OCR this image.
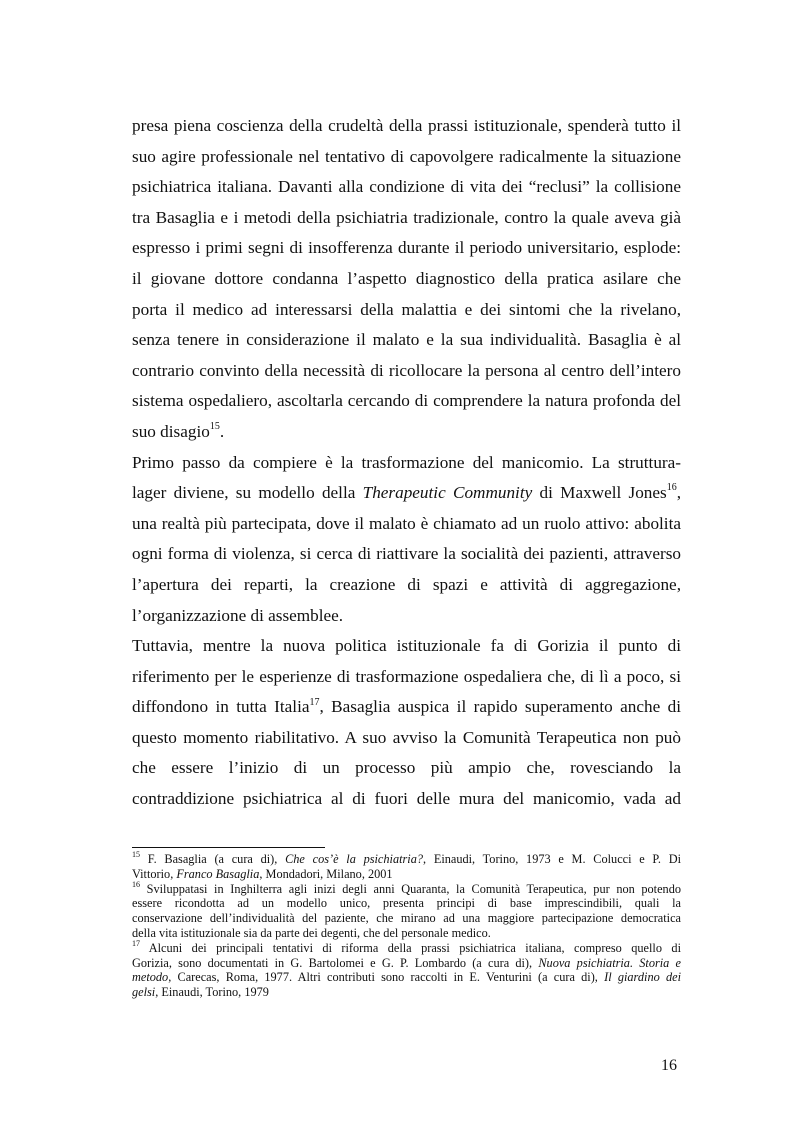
presa piena coscienza della crudeltà della prassi istituzionale, spenderà tutto il
suo agire professionale nel tentativo di capovolgere radicalmente la situazione
psichiatrica italiana. Davanti alla condizione di vita dei “reclusi” la collisione
tra Basaglia e i metodi della psichiatria tradizionale, contro la quale aveva già
espresso i primi segni di insofferenza durante il periodo universitario, esplode:
il giovane dottore condanna l’aspetto diagnostico della pratica asilare che
porta il medico ad interessarsi della malattia e dei sintomi che la rivelano,
senza tenere in considerazione il malato e la sua individualità. Basaglia è al
contrario convinto della necessità di ricollocare la persona al centro dell’intero
sistema ospedaliero, ascoltarla cercando di comprendere la natura profonda del
suo disagio$^{15}$.
Primo passo da compiere è la trasformazione del manicomio. La struttura-
lager diviene, su modello della Therapeutic Community di Maxwell Jones$^{16}$,
una realtà più partecipata, dove il malato è chiamato ad un ruolo attivo: abolita
ogni forma di violenza, si cerca di riattivare la socialità dei pazienti, attraverso
l’apertura dei reparti, la creazione di spazi e attività di aggregazione,
l’organizzazione di assemblee.
Tuttavia, mentre la nuova politica istituzionale fa di Gorizia il punto di
riferimento per le esperienze di trasformazione ospedaliera che, di lì a poco, si
diffondono in tutta Italia$^{17}$, Basaglia auspica il rapido superamento anche di
questo momento riabilitativo. A suo avviso la Comunità Terapeutica non può
che essere l’inizio di un processo più ampio che, rovesciando la
contraddizione psichiatrica al di fuori delle mura del manicomio, vada ad
$^{15}$ F. Basaglia (a cura di), Che cos’è la psichiatria?, Einaudi, Torino, 1973 e M. Colucci e P. Di
Vittorio, Franco Basaglia, Mondadori, Milano, 2001
$^{16}$ Sviluppatasi in Inghilterra agli inizi degli anni Quaranta, la Comunità Terapeutica, pur non potendo
essere ricondotta ad un modello unico, presenta principi di base imprescindibili, quali la
conservazione dell’individualità del paziente, che mirano ad una maggiore partecipazione democratica
della vita istituzionale sia da parte dei degenti, che del personale medico.
$^{17}$ Alcuni dei principali tentativi di riforma della prassi psichiatrica italiana, compreso quello di
Gorizia, sono documentati in G. Bartolomei e G. P. Lombardo (a cura di), Nuova psichiatria. Storia e
metodo, Carecas, Roma, 1977. Altri contributi sono raccolti in E. Venturini (a cura di), Il giardino dei
gelsi, Einaudi, Torino, 1979
16
